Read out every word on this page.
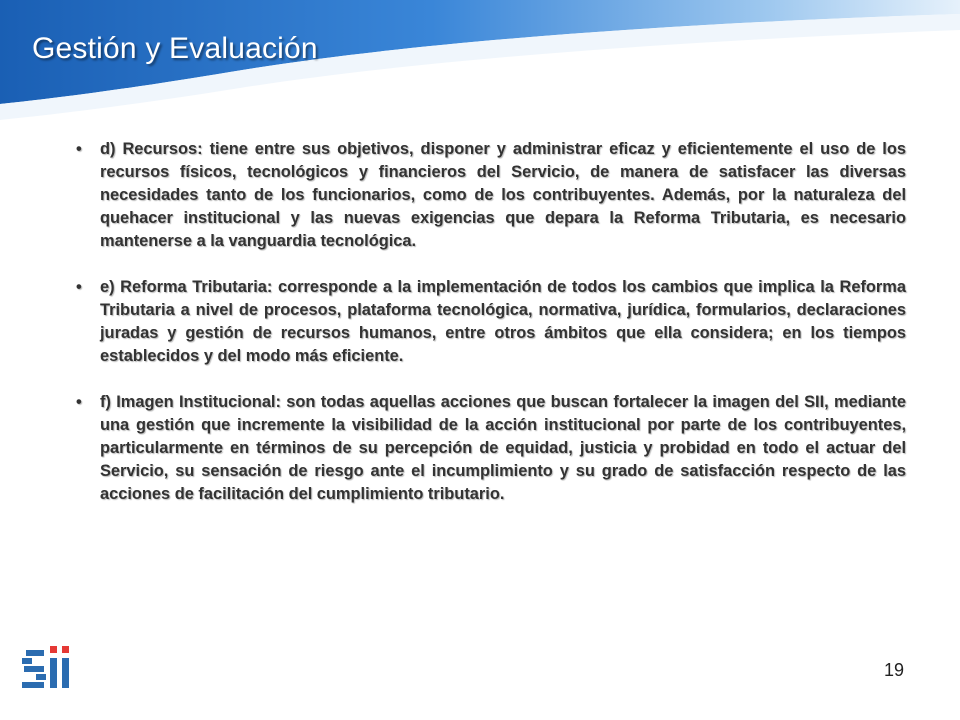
Gestión y Evaluación
• d) Recursos: tiene entre sus objetivos, disponer y administrar eficaz y eficientemente el uso de los recursos físicos, tecnológicos y financieros del Servicio, de manera de satisfacer las diversas necesidades tanto de los funcionarios, como de los contribuyentes. Además, por la naturaleza del quehacer institucional y las nuevas exigencias que depara la Reforma Tributaria, es necesario mantenerse a la vanguardia tecnológica.
• e) Reforma Tributaria: corresponde a la implementación de todos los cambios que implica la Reforma Tributaria a nivel de procesos, plataforma tecnológica, normativa, jurídica, formularios, declaraciones juradas y gestión de recursos humanos, entre otros ámbitos que ella considera; en los tiempos establecidos y del modo más eficiente.
• f) Imagen Institucional: son todas aquellas acciones que buscan fortalecer la imagen del SII, mediante una gestión que incremente la visibilidad de la acción institucional por parte de los contribuyentes, particularmente en términos de su percepción de equidad, justicia y probidad en todo el actuar del Servicio, su sensación de riesgo ante el incumplimiento y su grado de satisfacción respecto de las acciones de facilitación del cumplimiento tributario.
19
